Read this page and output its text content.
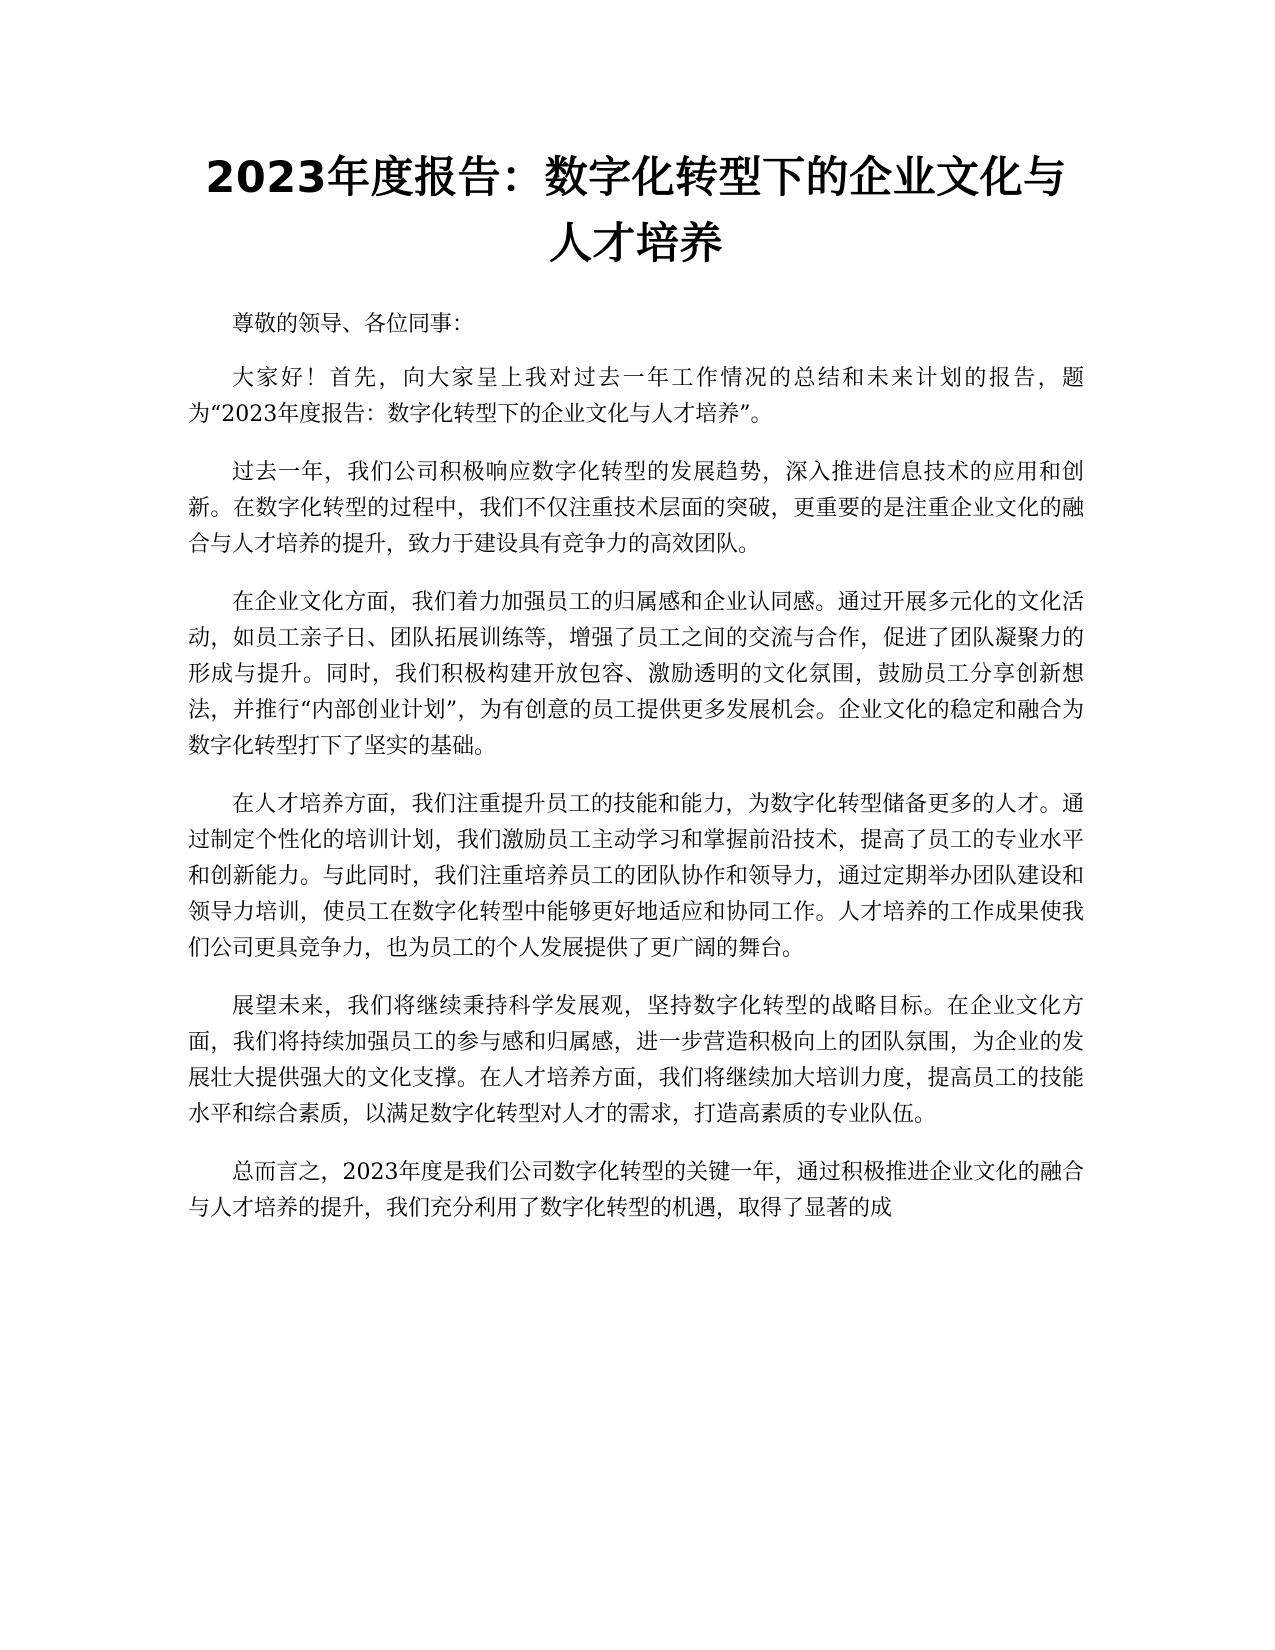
2023年度报告：数字化转型下的企业文化与人才培养

尊敬的领导、各位同事：

大家好！首先，向大家呈上我对过去一年工作情况的总结和未来计划的报告，题为“2023年度报告：数字化转型下的企业文化与人才培养”。

过去一年，我们公司积极响应数字化转型的发展趋势，深入推进信息技术的应用和创新。在数字化转型的过程中，我们不仅注重技术层面的突破，更重要的是注重企业文化的融合与人才培养的提升，致力于建设具有竞争力的高效团队。

在企业文化方面，我们着力加强员工的归属感和企业认同感。通过开展多元化的文化活动，如员工亲子日、团队拓展训练等，增强了员工之间的交流与合作，促进了团队凝聚力的形成与提升。同时，我们积极构建开放包容、激励透明的文化氛围，鼓励员工分享创新想法，并推行“内部创业计划”，为有创意的员工提供更多发展机会。企业文化的稳定和融合为数字化转型打下了坚实的基础。

在人才培养方面，我们注重提升员工的技能和能力，为数字化转型储备更多的人才。通过制定个性化的培训计划，我们激励员工主动学习和掌握前沿技术，提高了员工的专业水平和创新能力。与此同时，我们注重培养员工的团队协作和领导力，通过定期举办团队建设和领导力培训，使员工在数字化转型中能够更好地适应和协同工作。人才培养的工作成果使我们公司更具竞争力，也为员工的个人发展提供了更广阔的舞台。

展望未来，我们将继续秉持科学发展观，坚持数字化转型的战略目标。在企业文化方面，我们将持续加强员工的参与感和归属感，进一步营造积极向上的团队氛围，为企业的发展壮大提供强大的文化支撑。在人才培养方面，我们将继续加大培训力度，提高员工的技能水平和综合素质，以满足数字化转型对人才的需求，打造高素质的专业队伍。

总而言之，2023年度是我们公司数字化转型的关键一年，通过积极推进企业文化的融合与人才培养的提升，我们充分利用了数字化转型的机遇，取得了显著的成
